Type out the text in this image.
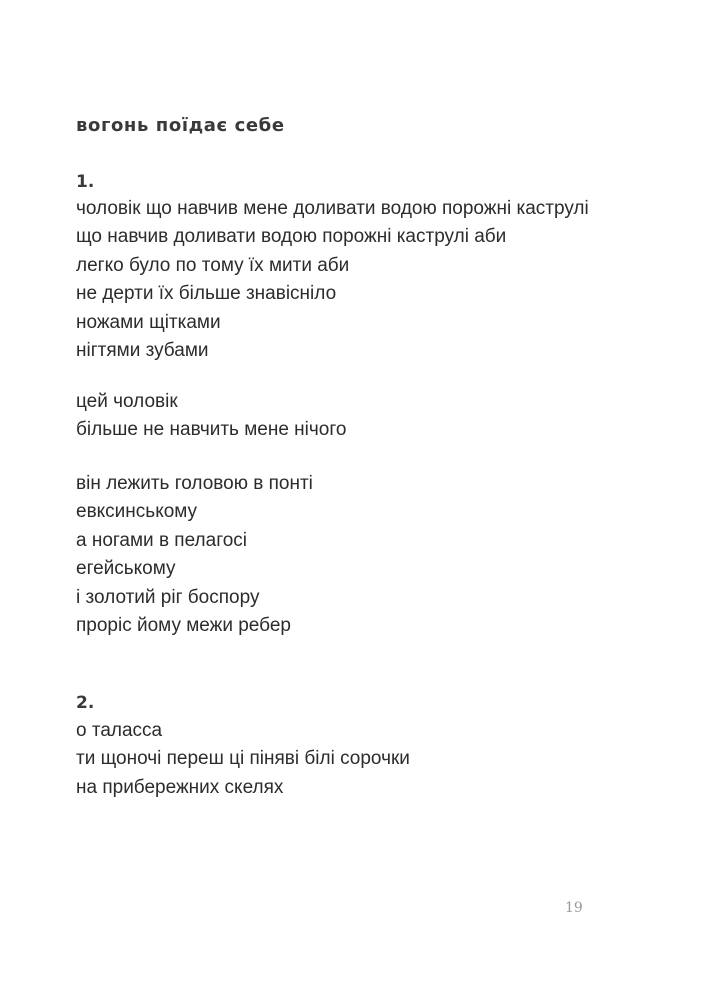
вогонь поїдає себе
1.
чоловік що навчив мене доливати водою порожні каструлі
що навчив доливати водою порожні каструлі аби
легко було по тому їх мити аби
не дерти їх більше знавісніло
ножами щітками
нігтями зубами
цей чоловік
більше не навчить мене нічого
він лежить головою в понті
евксинському
а ногами в пелагосі
егейському
і золотий ріг боспору
проріс йому межи ребер
2.
о таласса
ти щоночі переш ці піняві білі сорочки
на прибережних скелях
19
